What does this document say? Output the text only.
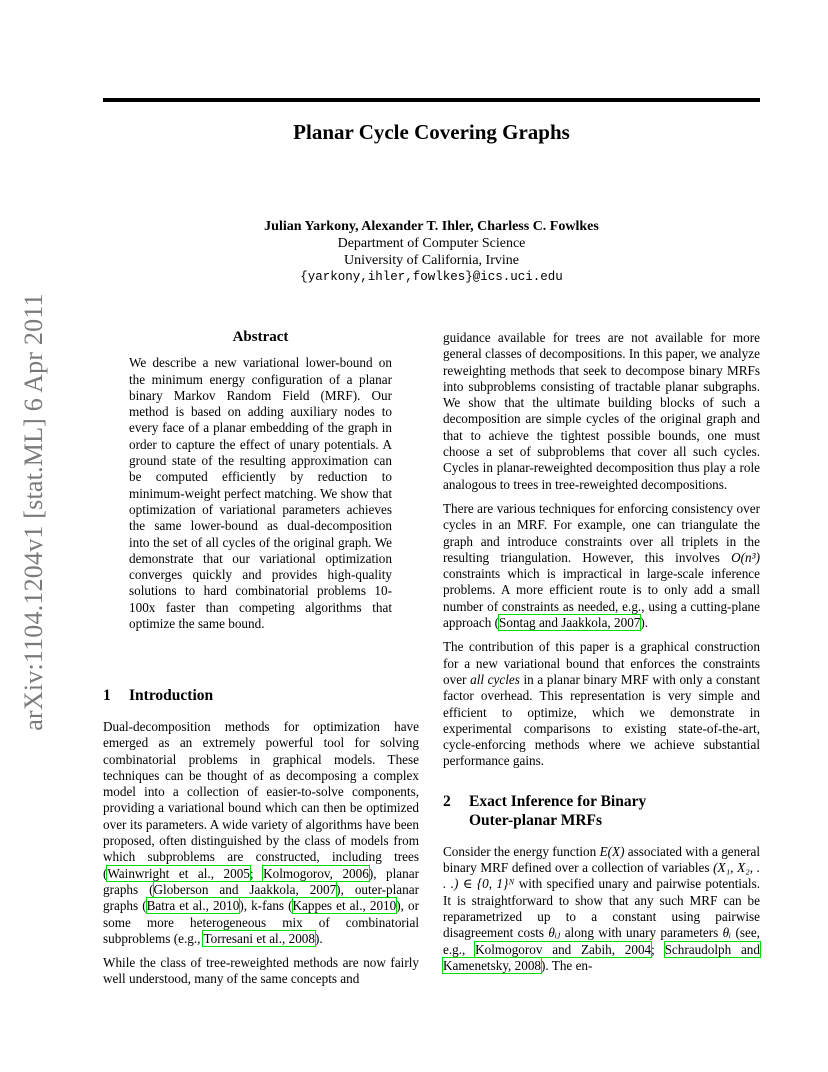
Planar Cycle Covering Graphs
Julian Yarkony, Alexander T. Ihler, Charless C. Fowlkes
Department of Computer Science
University of California, Irvine
{yarkony,ihler,fowlkes}@ics.uci.edu
arXiv:1104.1204v1 [stat.ML] 6 Apr 2011	Abstract

We describe a new variational lower-bound on the minimum energy configuration of a planar binary Markov Random Field (MRF). Our method is based on adding auxiliary nodes to every face of a planar embedding of the graph in order to capture the effect of unary potentials. A ground state of the resulting approximation can be computed efficiently by reduction to minimum-weight perfect matching. We show that optimization of variational parameters achieves the same lower-bound as dual-decomposition into the set of all cycles of the original graph. We demonstrate that our variational optimization converges quickly and provides high-quality solutions to hard combinatorial problems 10-100x faster than competing algorithms that optimize the same bound.

1	Introduction

Dual-decomposition methods for optimization have emerged as an extremely powerful tool for solving combinatorial problems in graphical models. These techniques can be thought of as decomposing a complex model into a collection of easier-to-solve components, providing a variational bound which can then be optimized over its parameters. A wide variety of algorithms have been proposed, often distinguished by the class of models from which subproblems are constructed, including trees (Wainwright et al., 2005; Kolmogorov, 2006), planar graphs (Globerson and Jaakkola, 2007), outer-planar graphs (Batra et al., 2010), k-fans (Kappes et al., 2010), or some more heterogeneous mix of combinatorial subproblems (e.g., Torresani et al., 2008).

While the class of tree-reweighted methods are now fairly well understood, many of the same concepts and

guidance available for trees are not available for more general classes of decompositions. In this paper, we analyze reweighting methods that seek to decompose binary MRFs into subproblems consisting of tractable planar subgraphs. We show that the ultimate building blocks of such a decomposition are simple cycles of the original graph and that to achieve the tightest possible bounds, one must choose a set of subproblems that cover all such cycles. Cycles in planar-reweighted decomposition thus play a role analogous to trees in tree-reweighted decompositions.

There are various techniques for enforcing consistency over cycles in an MRF. For example, one can triangulate the graph and introduce constraints over all triplets in the resulting triangulation. However, this involves O(n³) constraints which is impractical in large-scale inference problems. A more efficient route is to only add a small number of constraints as needed, e.g., using a cutting-plane approach (Sontag and Jaakkola, 2007).

The contribution of this paper is a graphical construction for a new variational bound that enforces the constraints over all cycles in a planar binary MRF with only a constant factor overhead. This representation is very simple and efficient to optimize, which we demonstrate in experimental comparisons to existing state-of-the-art, cycle-enforcing methods where we achieve substantial performance gains.

2	Exact Inference for Binary
Outer-planar MRFs

Consider the energy function E(X) associated with a general binary MRF defined over a collection of variables (X₁, X₂, . . .) ∈ {0, 1}ᴺ with specified unary and pairwise potentials. It is straightforward to show that any such MRF can be reparametrized up to a constant using pairwise disagreement costs θᵢⱼ along with unary parameters θᵢ (see, e.g., Kolmogorov and Zabih, 2004; Schraudolph and Kamenetsky, 2008). The en-
